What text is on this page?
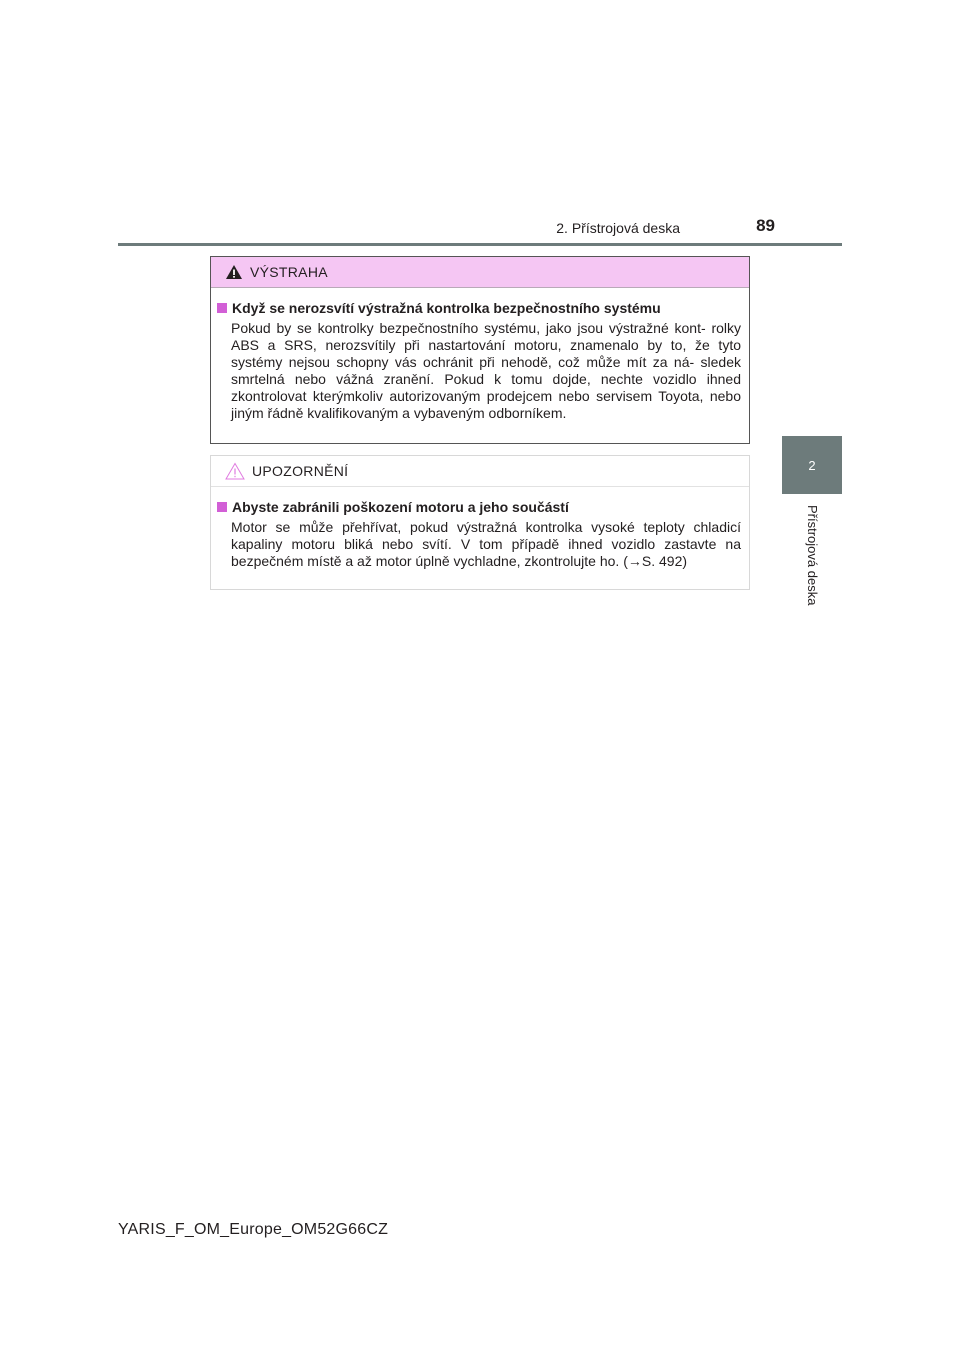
2. Přístrojová deska	89
2
Přístrojová deska
VÝSTRAHA
Když se nerozsvítí výstražná kontrolka bezpečnostního systému
Pokud by se kontrolky bezpečnostního systému, jako jsou výstražné kont- rolky ABS a SRS, nerozsvítily při nastartování motoru, znamenalo by to, že tyto systémy nejsou schopny vás ochránit při nehodě, což může mít za ná- sledek smrtelná nebo vážná zranění. Pokud k tomu dojde, nechte vozidlo ihned zkontrolovat kterýmkoliv autorizovaným prodejcem nebo servisem Toyota, nebo jiným řádně kvalifikovaným a vybaveným odborníkem.
UPOZORNĚNÍ
Abyste zabránili poškození motoru a jeho součástí
Motor se může přehřívat, pokud výstražná kontrolka vysoké teploty chladicí kapaliny motoru bliká nebo svítí. V tom případě ihned vozidlo zastavte na bezpečném místě a až motor úplně vychladne, zkontrolujte ho. (→S. 492)
YARIS_F_OM_Europe_OM52G66CZ
